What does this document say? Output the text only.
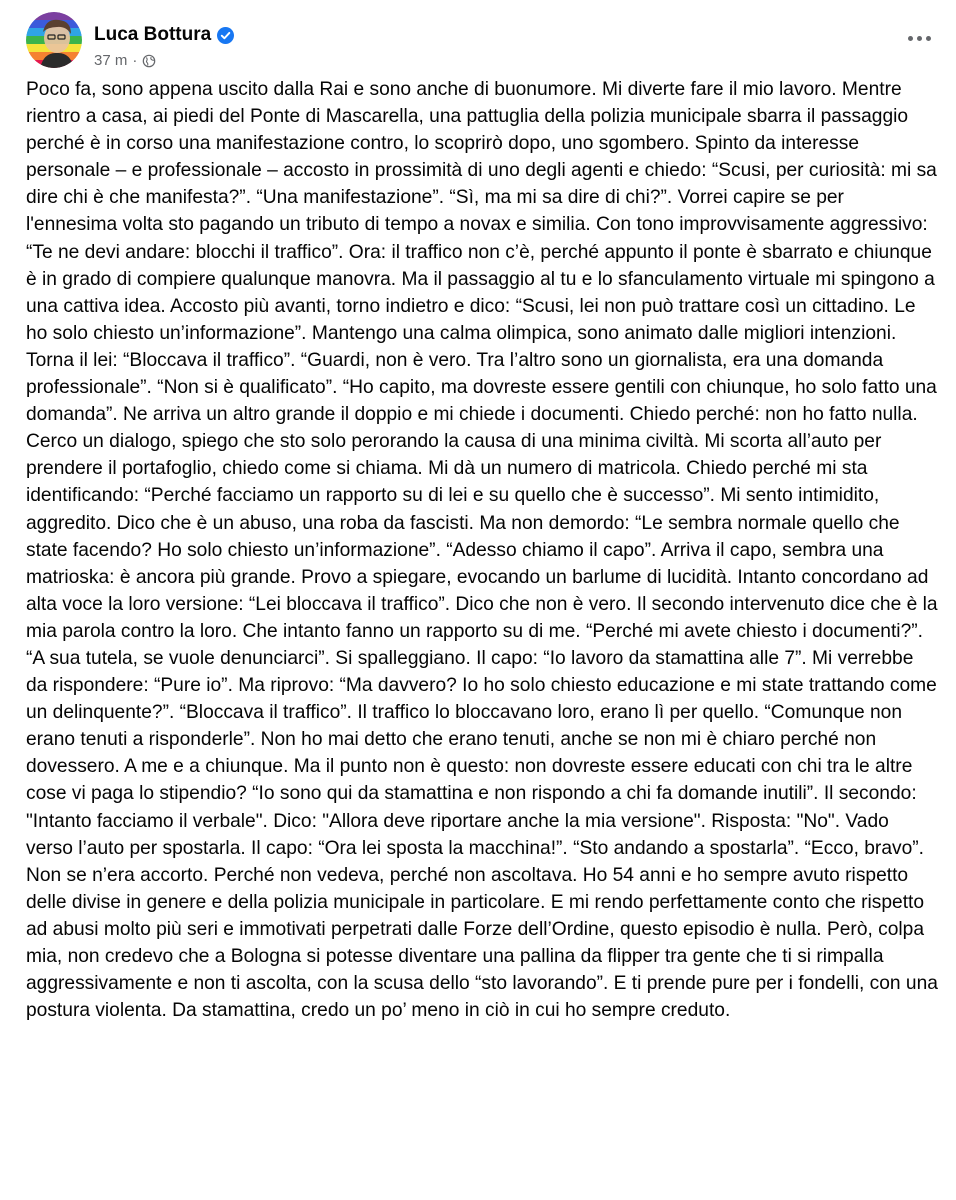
Luca Bottura
37 m ·
Poco fa, sono appena uscito dalla Rai e sono anche di buonumore. Mi diverte fare il mio lavoro. Mentre rientro a casa, ai piedi del Ponte di Mascarella, una pattuglia della polizia municipale sbarra il passaggio perché è in corso una manifestazione contro, lo scoprirò dopo, uno sgombero. Spinto da interesse personale – e professionale – accosto in prossimità di uno degli agenti e chiedo: “Scusi, per curiosità: mi sa dire chi è che manifesta?”. “Una manifestazione”. “Sì, ma mi sa dire di chi?”. Vorrei capire se per l'ennesima volta sto pagando un tributo di tempo a novax e similia. Con tono improvvisamente aggressivo: “Te ne devi andare: blocchi il traffico”. Ora: il traffico non c’è, perché appunto il ponte è sbarrato e chiunque è in grado di compiere qualunque manovra. Ma il passaggio al tu e lo sfanculamento virtuale mi spingono a una cattiva idea. Accosto più avanti, torno indietro e dico: “Scusi, lei non può trattare così un cittadino. Le ho solo chiesto un’informazione”. Mantengo una calma olimpica, sono animato dalle migliori intenzioni. Torna il lei: “Bloccava il traffico”. “Guardi, non è vero. Tra l’altro sono un giornalista, era una domanda professionale”. “Non si è qualificato”. “Ho capito, ma dovreste essere gentili con chiunque, ho solo fatto una domanda”. Ne arriva un altro grande il doppio e mi chiede i documenti. Chiedo perché: non ho fatto nulla. Cerco un dialogo, spiego che sto solo perorando la causa di una minima civiltà. Mi scorta all’auto per prendere il portafoglio, chiedo come si chiama. Mi dà un numero di matricola. Chiedo perché mi sta identificando: “Perché facciamo un rapporto su di lei e su quello che è successo”. Mi sento intimidito, aggredito. Dico che è un abuso, una roba da fascisti. Ma non demordo: “Le sembra normale quello che state facendo? Ho solo chiesto un’informazione”. “Adesso chiamo il capo”. Arriva il capo, sembra una matrioska: è ancora più grande. Provo a spiegare, evocando un barlume di lucidità. Intanto concordano ad alta voce la loro versione: “Lei bloccava il traffico”. Dico che non è vero. Il secondo intervenuto dice che è la mia parola contro la loro. Che intanto fanno un rapporto su di me. “Perché mi avete chiesto i documenti?”. “A sua tutela, se vuole denunciarci”. Si spalleggiano. Il capo: “Io lavoro da stamattina alle 7”. Mi verrebbe da rispondere: “Pure io”. Ma riprovo: “Ma davvero? Io ho solo chiesto educazione e mi state trattando come un delinquente?”. “Bloccava il traffico”. Il traffico lo bloccavano loro, erano lì per quello. “Comunque non erano tenuti a risponderle”. Non ho mai detto che erano tenuti, anche se non mi è chiaro perché non dovessero. A me e a chiunque. Ma il punto non è questo: non dovreste essere educati con chi tra le altre cose vi paga lo stipendio? “Io sono qui da stamattina e non rispondo a chi fa domande inutili”. Il secondo: "Intanto facciamo il verbale". Dico: "Allora deve riportare anche la mia versione". Risposta: "No". Vado verso l’auto per spostarla. Il capo: “Ora lei sposta la macchina!”. “Sto andando a spostarla”. “Ecco, bravo”. Non se n’era accorto. Perché non vedeva, perché non ascoltava. Ho 54 anni e ho sempre avuto rispetto delle divise in genere e della polizia municipale in particolare. E mi rendo perfettamente conto che rispetto ad abusi molto più seri e immotivati perpetrati dalle Forze dell’Ordine, questo episodio è nulla. Però, colpa mia, non credevo che a Bologna si potesse diventare una pallina da flipper tra gente che ti si rimpalla aggressivamente e non ti ascolta, con la scusa dello “sto lavorando”. E ti prende pure per i fondelli, con una postura violenta. Da stamattina, credo un po’ meno in ciò in cui ho sempre creduto.
